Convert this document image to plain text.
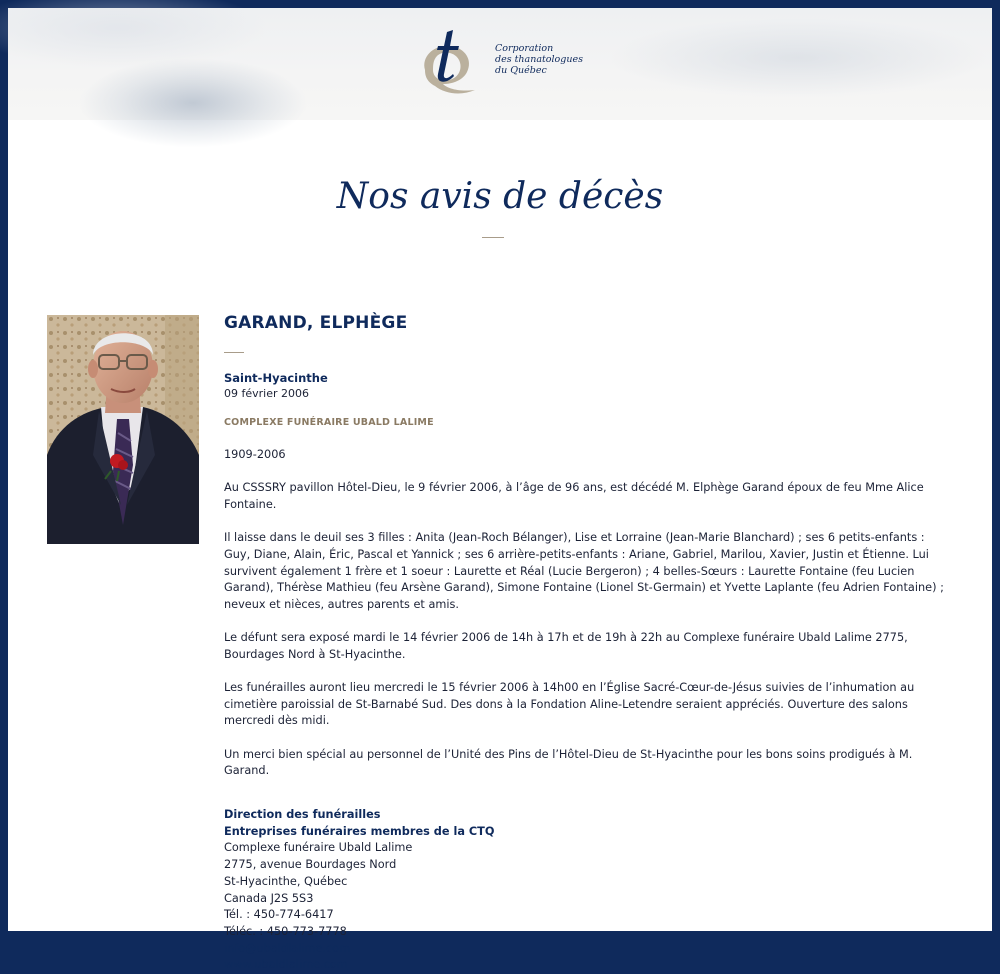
Corporation
des thanatologues
du Québec
Nos avis de décès
GARAND, ELPHÈGE
Saint-Hyacinthe
09 février 2006
COMPLEXE FUNÉRAIRE UBALD LALIME

1909-2006

Au CSSSRY pavillon Hôtel-Dieu, le 9 février 2006, à l’âge de 96 ans, est décédé M. Elphège Garand époux de feu Mme Alice Fontaine.

Il laisse dans le deuil ses 3 filles : Anita (Jean-Roch Bélanger), Lise et Lorraine (Jean-Marie Blanchard) ; ses 6 petits-enfants : Guy, Diane, Alain, Éric, Pascal et Yannick ; ses 6 arrière-petits-enfants : Ariane, Gabriel, Marilou, Xavier, Justin et Étienne. Lui survivent également 1 frère et 1 soeur : Laurette et Réal (Lucie Bergeron) ; 4 belles-Sœurs : Laurette Fontaine (feu Lucien Garand), Thérèse Mathieu (feu Arsène Garand), Simone Fontaine (Lionel St-Germain) et Yvette Laplante (feu Adrien Fontaine) ; neveux et nièces, autres parents et amis.

Le défunt sera exposé mardi le 14 février 2006 de 14h à 17h et de 19h à 22h au Complexe funéraire Ubald Lalime 2775, Bourdages Nord à St-Hyacinthe.

Les funérailles auront lieu mercredi le 15 février 2006 à 14h00 en l’Église Sacré-Cœur-de-Jésus suivies de l’inhumation au cimetière paroissial de St-Barnabé Sud. Des dons à la Fondation Aline-Letendre seraient appréciés. Ouverture des salons mercredi dès midi.

Un merci bien spécial au personnel de l’Unité des Pins de l’Hôtel-Dieu de St-Hyacinthe pour les bons soins prodigués à M. Garand.

Direction des funérailles
Entreprises funéraires membres de la CTQ
Complexe funéraire Ubald Lalime
2775, avenue Bourdages Nord
St-Hyacinthe, Québec
Canada J2S 5S3
Tél. : 450-774-6417
Téléc. : 450-773-7778
info@ubaldlalime.com
www.ubaldlalime.com
